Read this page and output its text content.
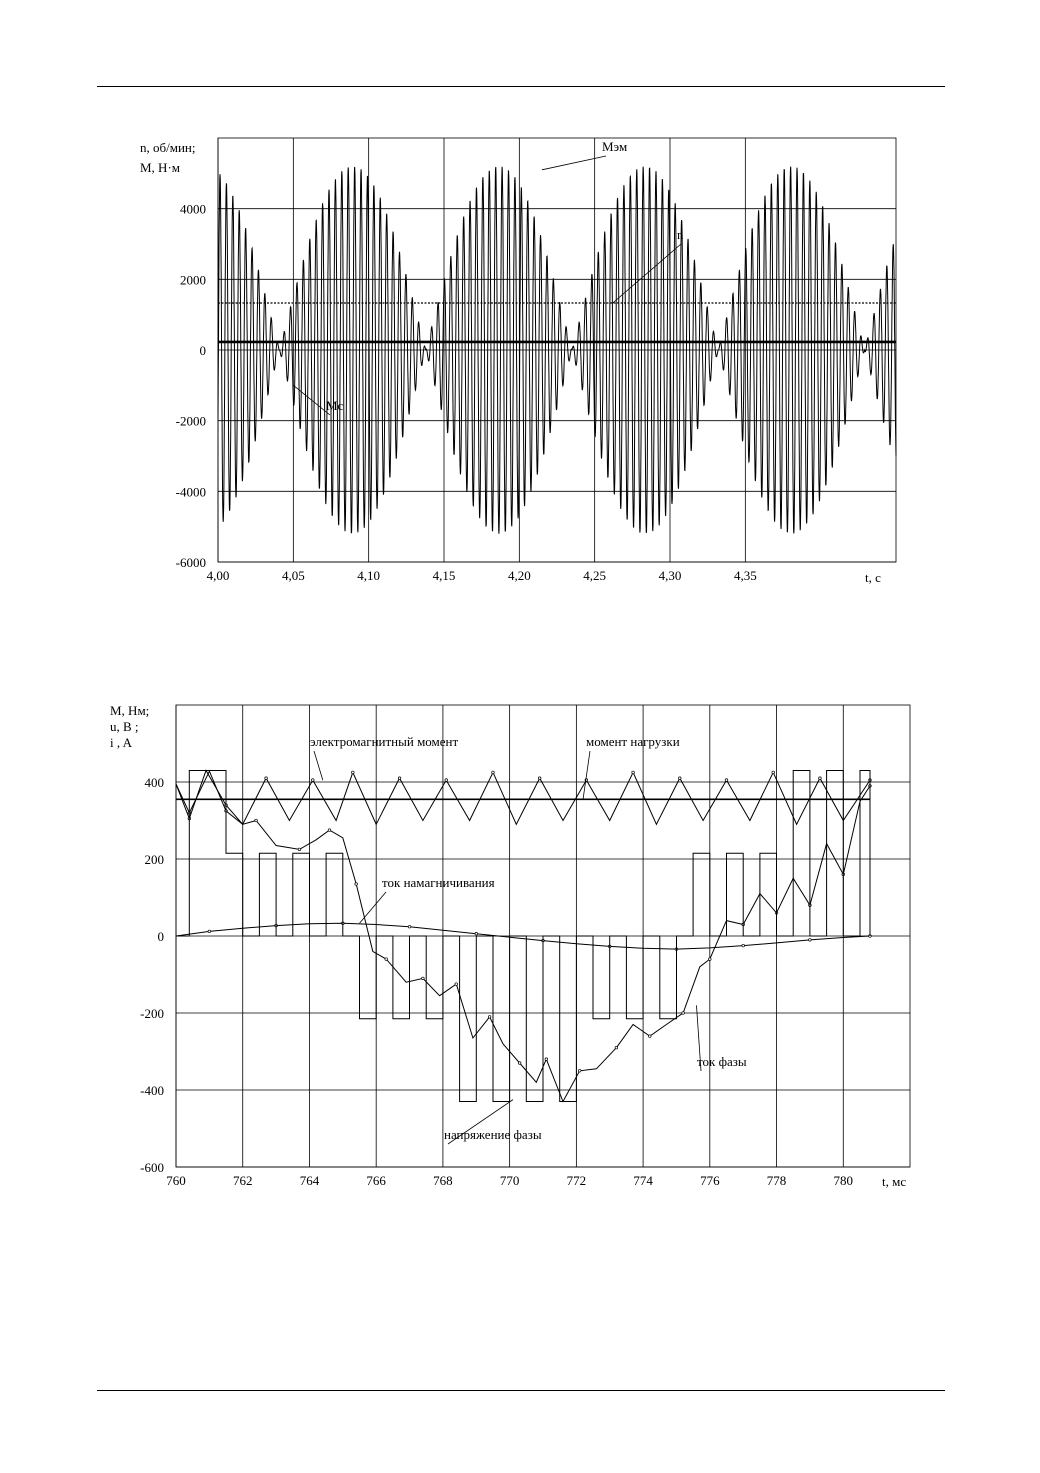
4,00	4,05	4,10	4,15	4,20	4,25	4,30	4,35
-6000
-4000
-2000
0
2000
4000
n, об/мин;
M, Н·м
t, с
Мэм
n
Mc
760	762	764	766	768	770	772	774	776	778	780
-600
-400
-200
0
200
400
M, Нм;
u, B ;
i , A
t, мс
электромагнитный момент	момент нагрузки
ток намагничивания
ток фазы
напряжение фазы
